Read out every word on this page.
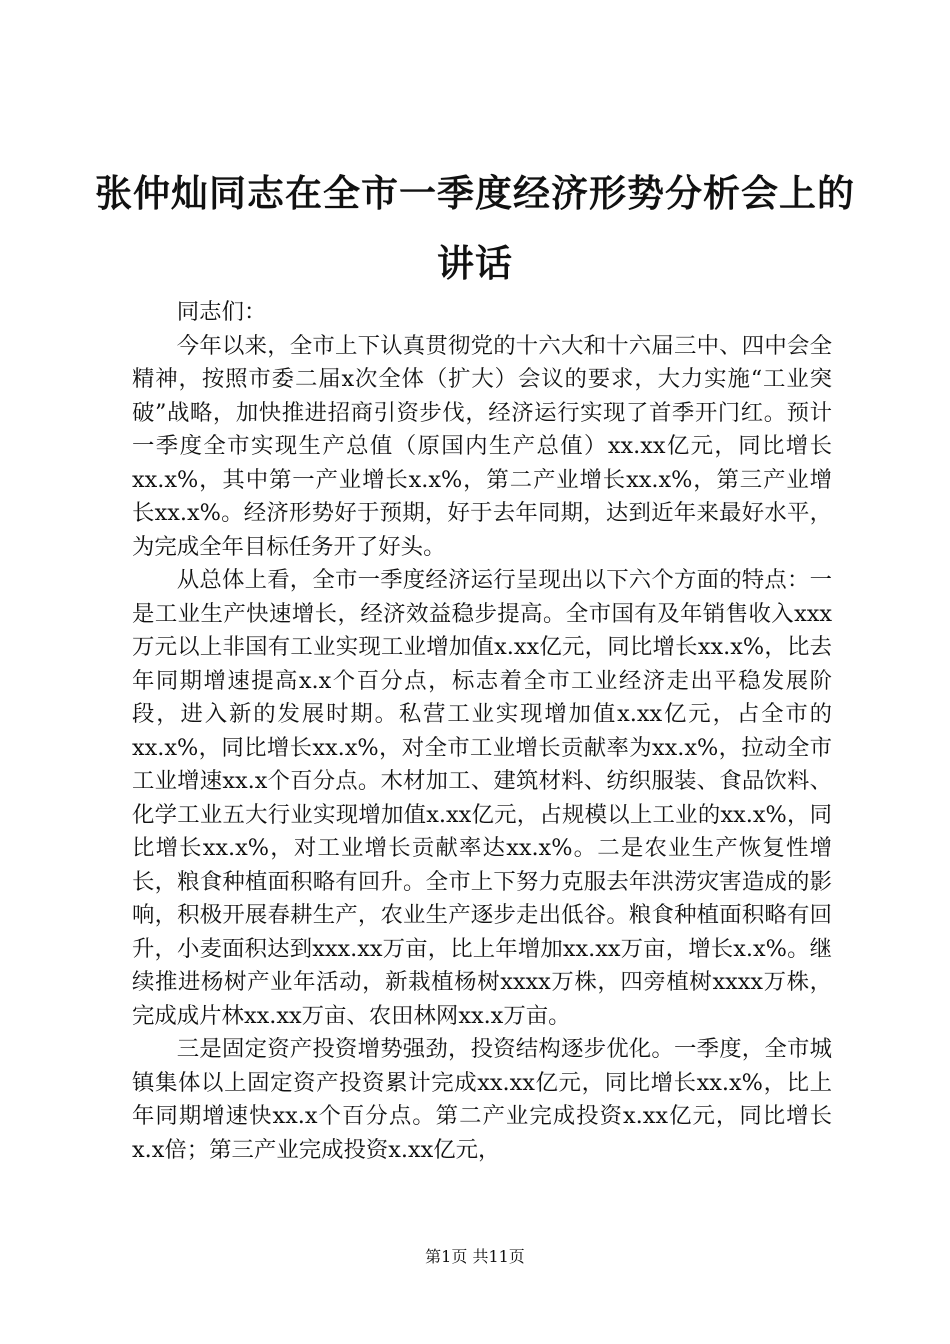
张仲灿同志在全市一季度经济形势分析会上的讲话

同志们：

今年以来，全市上下认真贯彻党的十六大和十六届三中、四中会全精神，按照市委二届x次全体（扩大）会议的要求，大力实施“工业突破”战略，加快推进招商引资步伐，经济运行实现了首季开门红。预计一季度全市实现生产总值（原国内生产总值）xx.xx亿元，同比增长xx.x%，其中第一产业增长x.x%，第二产业增长xx.x%，第三产业增长xx.x%。经济形势好于预期，好于去年同期，达到近年来最好水平，为完成全年目标任务开了好头。

从总体上看，全市一季度经济运行呈现出以下六个方面的特点：一是工业生产快速增长，经济效益稳步提高。全市国有及年销售收入xxx万元以上非国有工业实现工业增加值x.xx亿元，同比增长xx.x%，比去年同期增速提高x.x个百分点，标志着全市工业经济走出平稳发展阶段，进入新的发展时期。私营工业实现增加值x.xx亿元，占全市的xx.x%，同比增长xx.x%，对全市工业增长贡献率为xx.x%，拉动全市工业增速xx.x个百分点。木材加工、建筑材料、纺织服装、食品饮料、化学工业五大行业实现增加值x.xx亿元，占规模以上工业的xx.x%，同比增长xx.x%，对工业增长贡献率达xx.x%。二是农业生产恢复性增长，粮食种植面积略有回升。全市上下努力克服去年洪涝灾害造成的影响，积极开展春耕生产，农业生产逐步走出低谷。粮食种植面积略有回升，小麦面积达到xxx.xx万亩，比上年增加xx.xx万亩，增长x.x%。继续推进杨树产业年活动，新栽植杨树xxxx万株，四旁植树xxxx万株，完成成片林xx.xx万亩、农田林网xx.x万亩。

三是固定资产投资增势强劲，投资结构逐步优化。一季度，全市城镇集体以上固定资产投资累计完成xx.xx亿元，同比增长xx.x%，比上年同期增速快xx.x个百分点。第二产业完成投资x.xx亿元，同比增长x.x倍；第三产业完成投资x.xx亿元，

第1页 共11页
